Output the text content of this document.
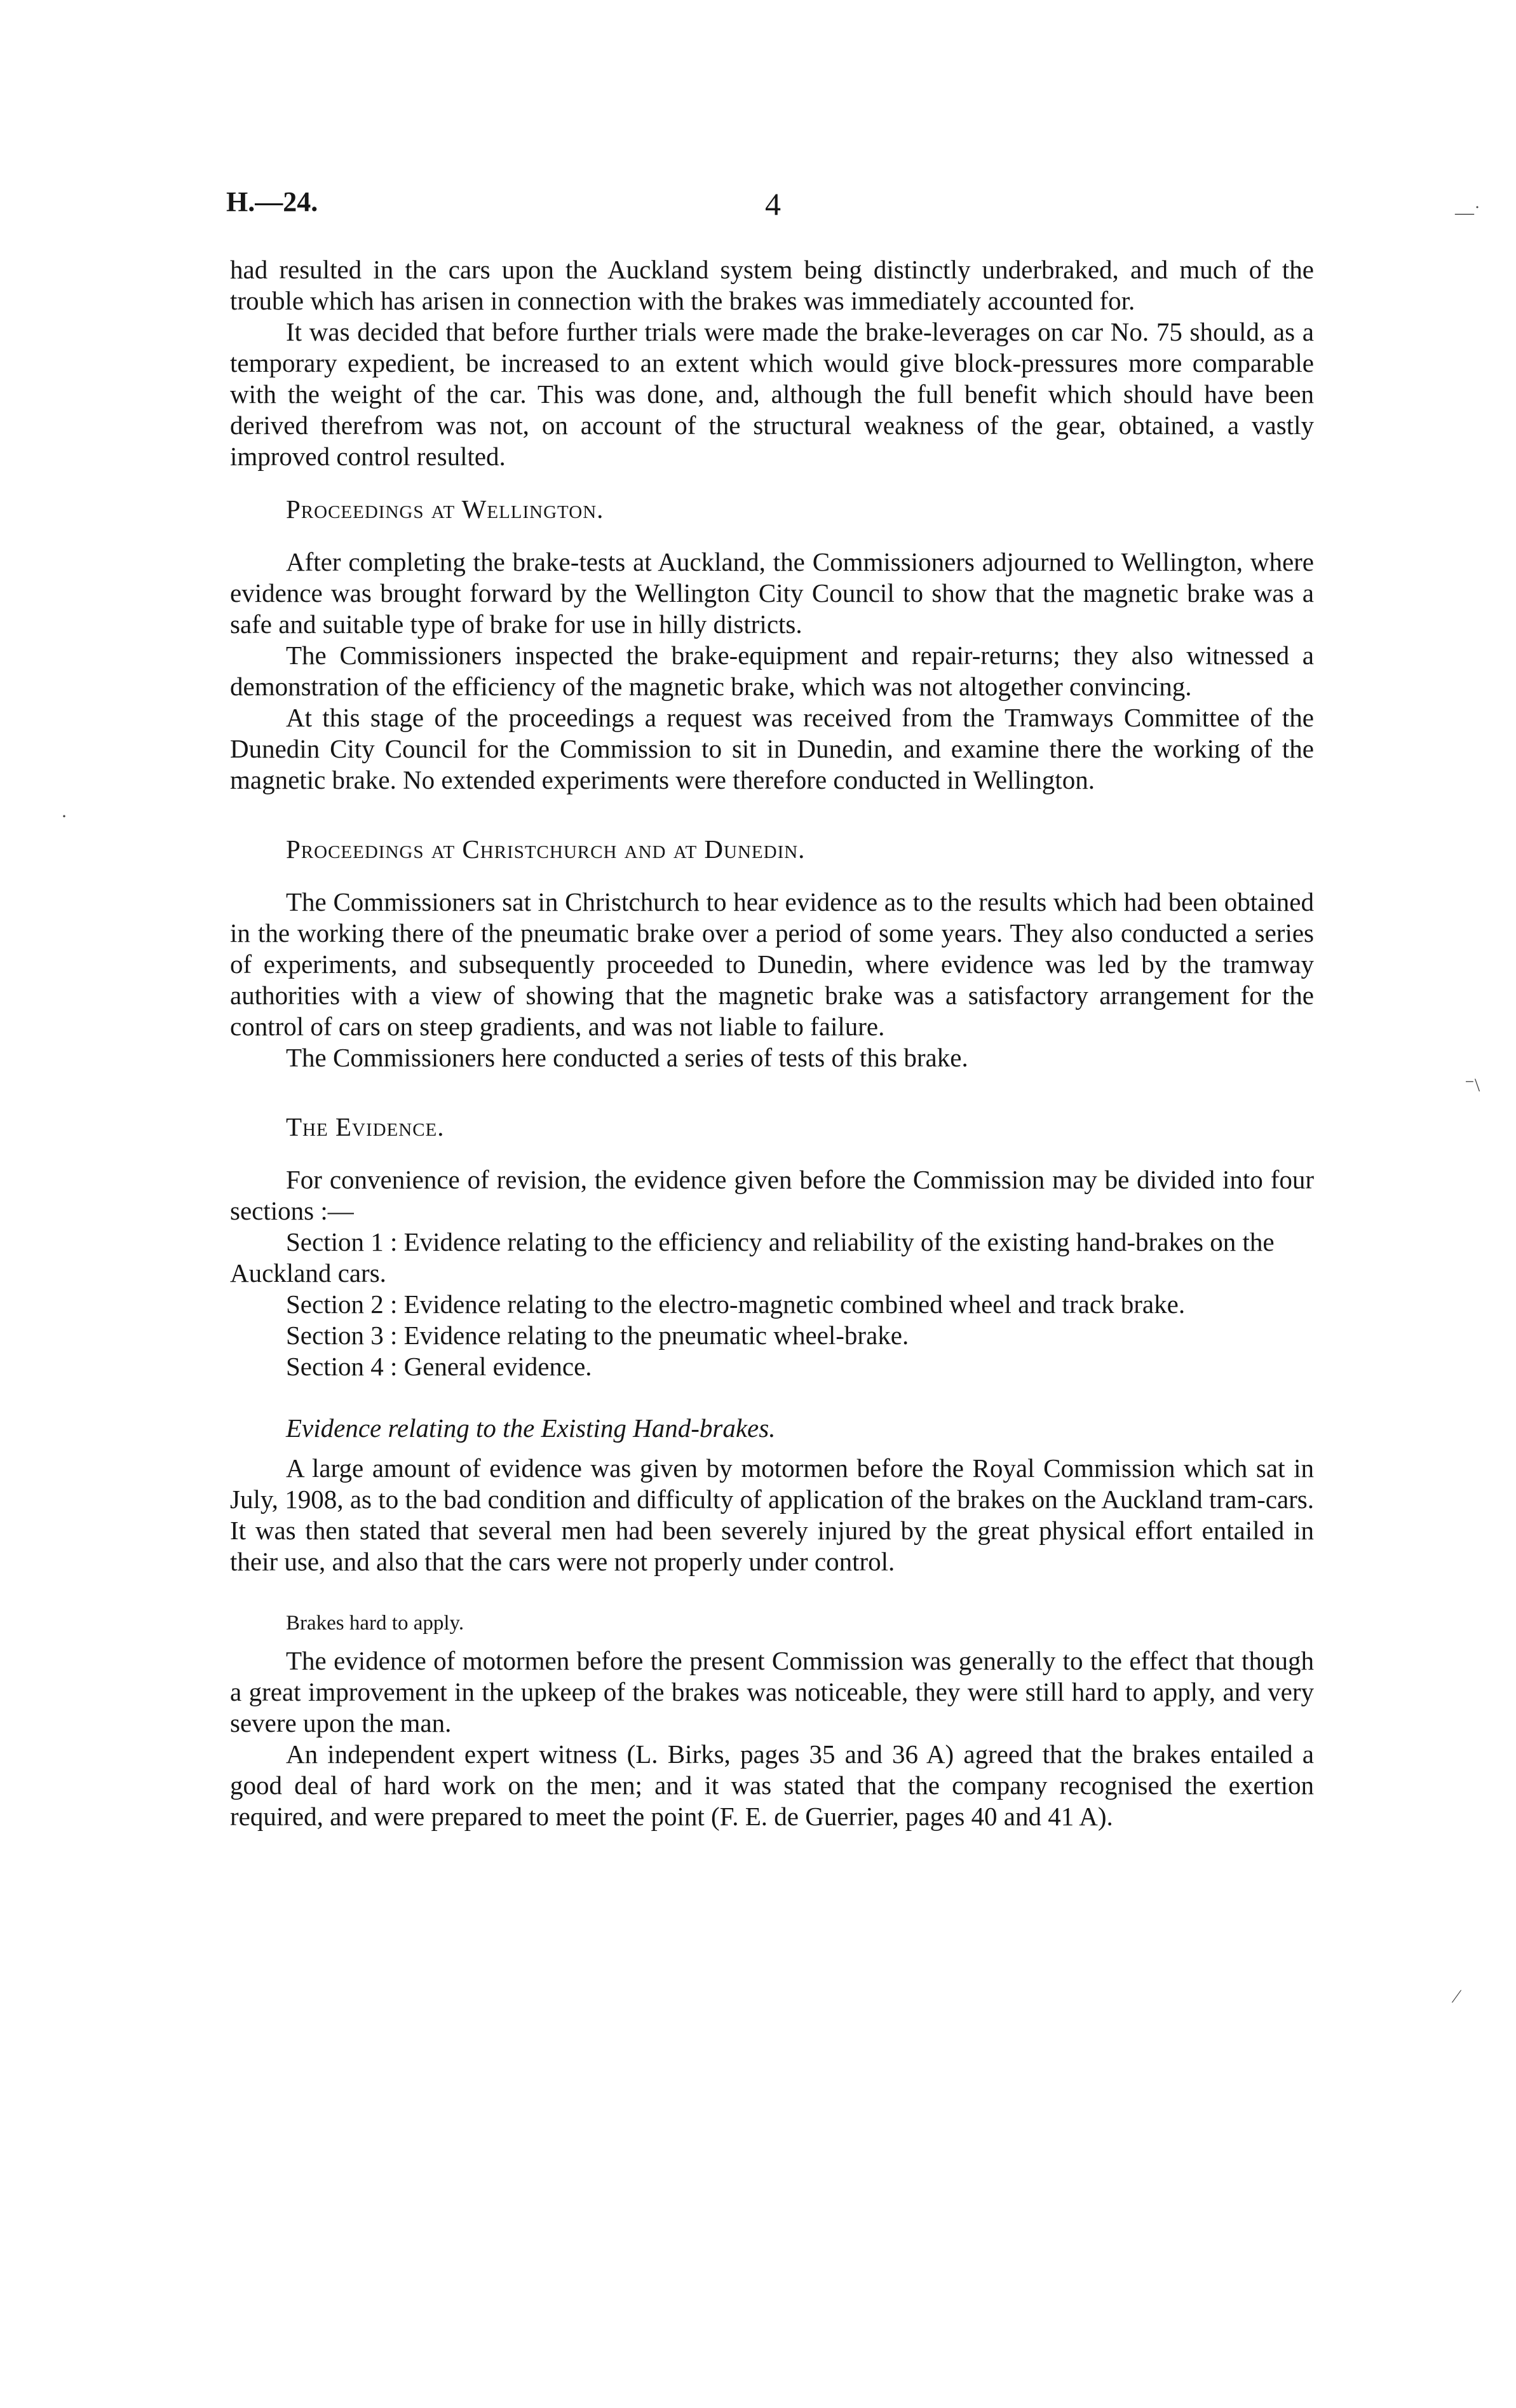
H.—24.	4

had resulted in the cars upon the Auckland system being distinctly underbraked, and much of the trouble which has arisen in connection with the brakes was immediately accounted for.

It was decided that before further trials were made the brake-leverages on car No. 75 should, as a temporary expedient, be increased to an extent which would give block-pressures more comparable with the weight of the car. This was done, and, although the full benefit which should have been derived therefrom was not, on account of the structural weakness of the gear, obtained, a vastly improved control resulted.

Proceedings at Wellington.

After completing the brake-tests at Auckland, the Commissioners adjourned to Wellington, where evidence was brought forward by the Wellington City Council to show that the magnetic brake was a safe and suitable type of brake for use in hilly districts.

The Commissioners inspected the brake-equipment and repair-returns; they also witnessed a demonstration of the efficiency of the magnetic brake, which was not altogether convincing.

At this stage of the proceedings a request was received from the Tramways Committee of the Dunedin City Council for the Commission to sit in Dunedin, and examine there the working of the magnetic brake. No extended experiments were therefore conducted in Wellington.

Proceedings at Christchurch and at Dunedin.

The Commissioners sat in Christchurch to hear evidence as to the results which had been obtained in the working there of the pneumatic brake over a period of some years. They also conducted a series of experiments, and subsequently proceeded to Dunedin, where evidence was led by the tramway authorities with a view of showing that the magnetic brake was a satisfactory arrangement for the control of cars on steep gradients, and was not liable to failure.

The Commissioners here conducted a series of tests of this brake.

The Evidence.

For convenience of revision, the evidence given before the Commission may be divided into four sections :—

Section 1 : Evidence relating to the efficiency and reliability of the existing hand-brakes on the Auckland cars.

Section 2 : Evidence relating to the electro-magnetic combined wheel and track brake.

Section 3 : Evidence relating to the pneumatic wheel-brake.

Section 4 : General evidence.

Evidence relating to the Existing Hand-brakes.

A large amount of evidence was given by motormen before the Royal Commission which sat in July, 1908, as to the bad condition and difficulty of application of the brakes on the Auckland tram-cars. It was then stated that several men had been severely injured by the great physical effort entailed in their use, and also that the cars were not properly under control.

Brakes hard to apply.

The evidence of motormen before the present Commission was generally to the effect that though a great improvement in the upkeep of the brakes was noticeable, they were still hard to apply, and very severe upon the man.

An independent expert witness (L. Birks, pages 35 and 36 A) agreed that the brakes entailed a good deal of hard work on the men; and it was stated that the company recognised the exertion required, and were prepared to meet the point (F. E. de Guerrier, pages 40 and 41 A).

—˙
⁻\
⁄
·
